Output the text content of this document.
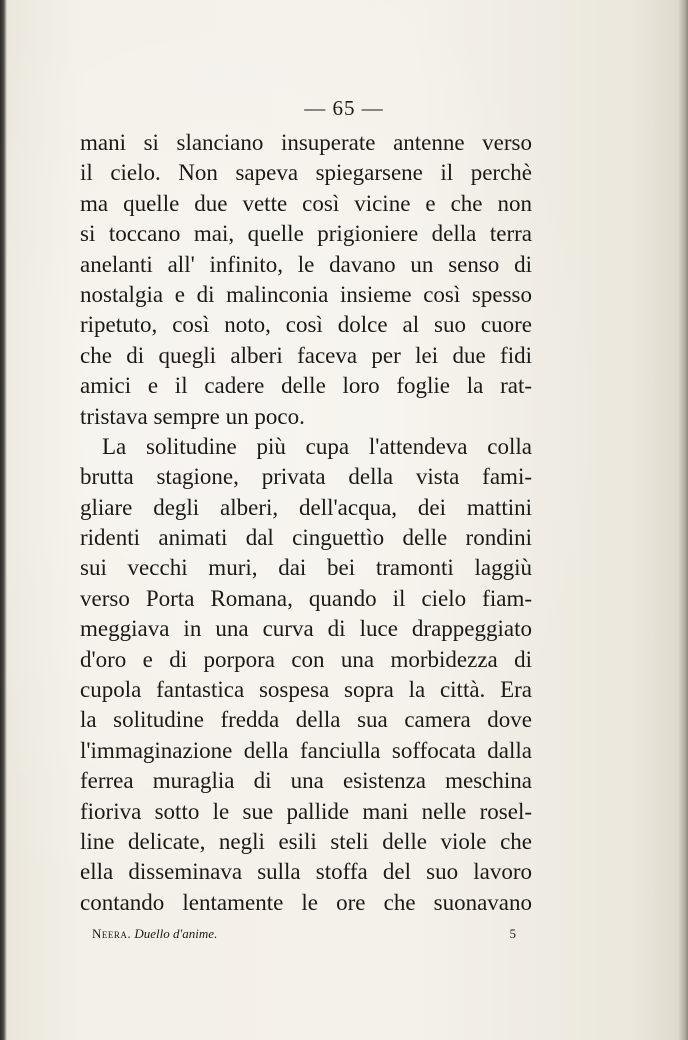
— 65 —
mani si slanciano insuperate antenne verso
il cielo. Non sapeva spiegarsene il perchè
ma quelle due vette così vicine e che non
si toccano mai, quelle prigioniere della terra
anelanti all' infinito, le davano un senso di
nostalgia e di malinconia insieme così spesso
ripetuto, così noto, così dolce al suo cuore
che di quegli alberi faceva per lei due fidi
amici e il cadere delle loro foglie la rat-
tristava sempre un poco.
La solitudine più cupa l'attendeva colla
brutta stagione, privata della vista fami-
gliare degli alberi, dell'acqua, dei mattini
ridenti animati dal cinguettìo delle rondini
sui vecchi muri, dai bei tramonti laggiù
verso Porta Romana, quando il cielo fiam-
meggiava in una curva di luce drappeggiato
d'oro e di porpora con una morbidezza di
cupola fantastica sospesa sopra la città. Era
la solitudine fredda della sua camera dove
l'immaginazione della fanciulla soffocata dalla
ferrea muraglia di una esistenza meschina
fioriva sotto le sue pallide mani nelle rosel-
line delicate, negli esili steli delle viole che
ella disseminava sulla stoffa del suo lavoro
contando lentamente le ore che suonavano
Neera. Duello d'anime.	5
